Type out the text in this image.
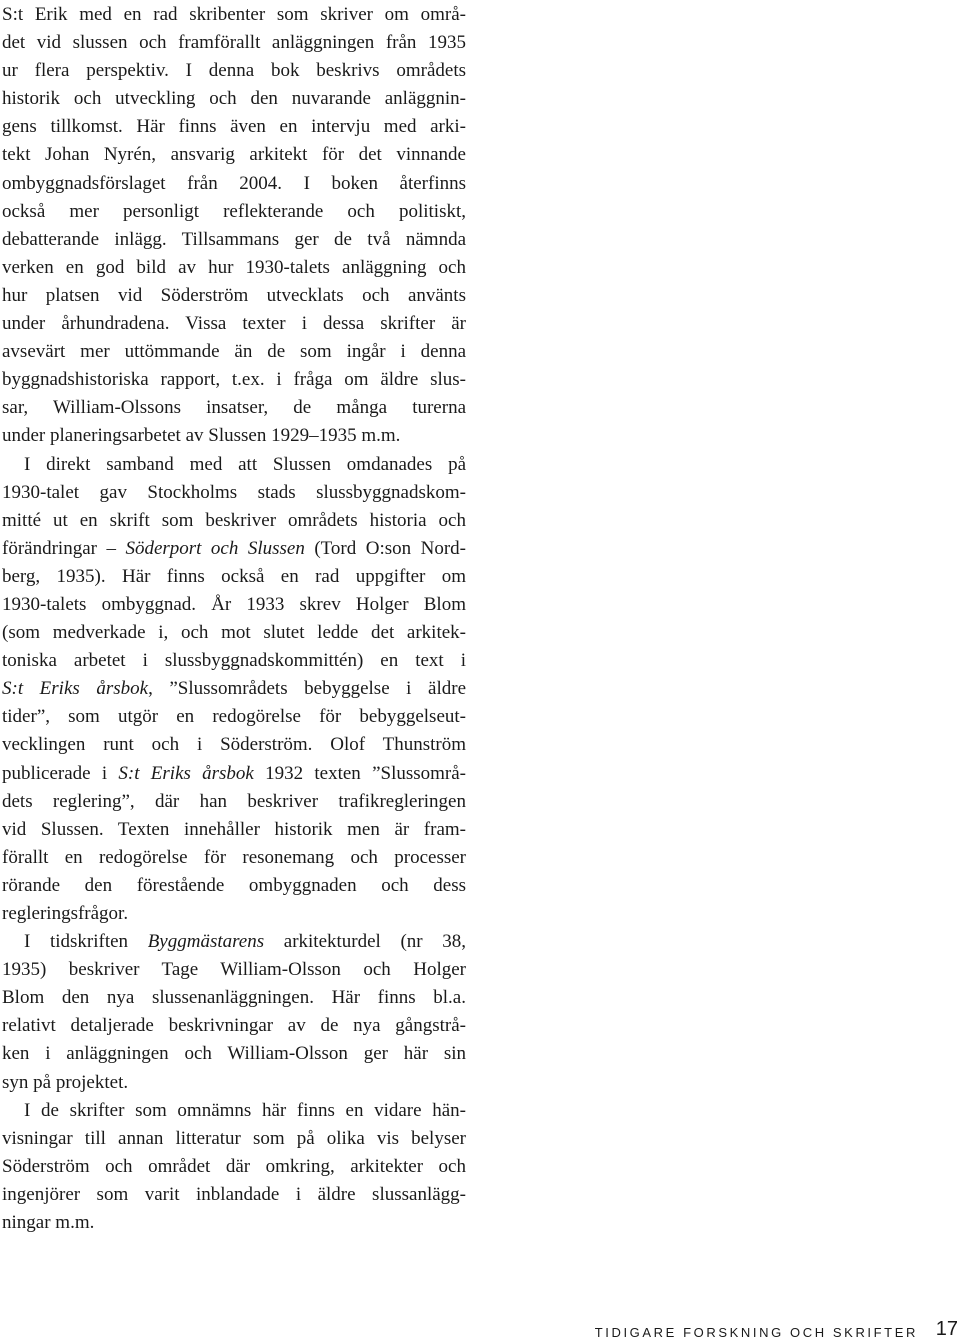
S:t Erik med en rad skribenter som skriver om områ-
det vid slussen och framförallt anläggningen från 1935
ur flera perspektiv. I denna bok beskrivs områdets
historik och utveckling och den nuvarande anläggnin-
gens tillkomst. Här finns även en intervju med arki-
tekt Johan Nyrén, ansvarig arkitekt för det vinnande
ombyggnadsförslaget från 2004. I boken återfinns
också mer personligt reflekterande och politiskt,
debatterande inlägg. Tillsammans ger de två nämnda
verken en god bild av hur 1930-talets anläggning och
hur platsen vid Söderström utvecklats och använts
under århundradena. Vissa texter i dessa skrifter är
avsevärt mer uttömmande än de som ingår i denna
byggnadshistoriska rapport, t.ex. i fråga om äldre slus-
sar, William-Olssons insatser, de många turerna
under planeringsarbetet av Slussen 1929–1935 m.m.
I direkt samband med att Slussen omdanades på
1930-talet gav Stockholms stads slussbyggnadskom-
mitté ut en skrift som beskriver områdets historia och
förändringar – Söderport och Slussen (Tord O:son Nord-
berg, 1935). Här finns också en rad uppgifter om
1930-talets ombyggnad. År 1933 skrev Holger Blom
(som medverkade i, och mot slutet ledde det arkitek-
toniska arbetet i slussbyggnadskommittén) en text i
S:t Eriks årsbok, ”Slussområdets bebyggelse i äldre
tider”, som utgör en redogörelse för bebyggelseut-
vecklingen runt och i Söderström. Olof Thunström
publicerade i S:t Eriks årsbok 1932 texten ”Slussområ-
dets reglering”, där han beskriver trafikregleringen
vid Slussen. Texten innehåller historik men är fram-
förallt en redogörelse för resonemang och processer
rörande den förestående ombyggnaden och dess
regleringsfrågor.
I tidskriften Byggmästarens arkitekturdel (nr 38,
1935) beskriver Tage William-Olsson och Holger
Blom den nya slussenanläggningen. Här finns bl.a.
relativt detaljerade beskrivningar av de nya gångstrå-
ken i anläggningen och William-Olsson ger här sin
syn på projektet.
I de skrifter som omnämns här finns en vidare hän-
visningar till annan litteratur som på olika vis belyser
Söderström och området där omkring, arkitekter och
ingenjörer som varit inblandade i äldre slussanlägg-
ningar m.m.
TIDIGARE FORSKNING OCH SKRIFTER 17
